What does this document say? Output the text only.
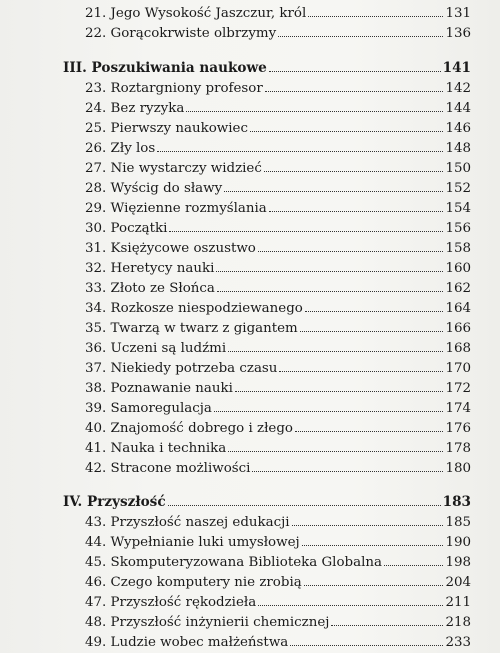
21. Jego Wysokość Jaszczur, król	131
22. Gorącokrwiste olbrzymy	136
III. Poszukiwania naukowe	141
23. Roztargniony profesor	142
24. Bez ryzyka	144
25. Pierwszy naukowiec	146
26. Zły los	148
27. Nie wystarczy widzieć	150
28. Wyścig do sławy	152
29. Więzienne rozmyślania	154
30. Początki	156
31. Księżycowe oszustwo	158
32. Heretycy nauki	160
33. Złoto ze Słońca	162
34. Rozkosze niespodziewanego	164
35. Twarzą w twarz z gigantem	166
36. Uczeni są ludźmi	168
37. Niekiedy potrzeba czasu	170
38. Poznawanie nauki	172
39. Samoregulacja	174
40. Znajomość dobrego i złego	176
41. Nauka i technika	178
42. Stracone możliwości	180
IV. Przyszłość	183
43. Przyszłość naszej edukacji	185
44. Wypełnianie luki umysłowej	190
45. Skomputeryzowana Biblioteka Globalna	198
46. Czego komputery nie zrobią	204
47. Przyszłość rękodzieła	211
48. Przyszłość inżynierii chemicznej	218
49. Ludzie wobec małżeństwa	233
